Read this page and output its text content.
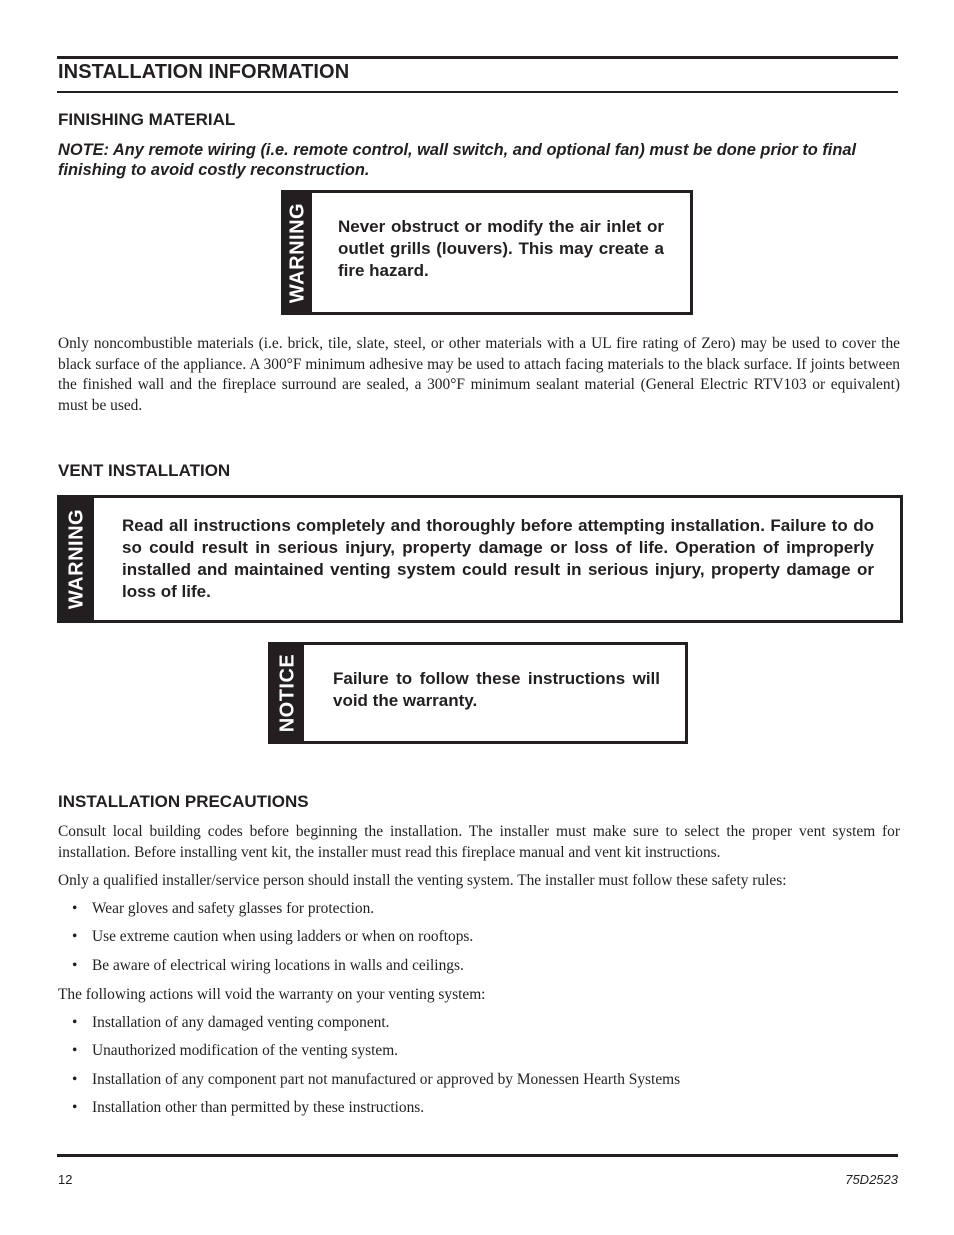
INSTALLATION INFORMATION
FINISHING MATERIAL
NOTE: Any remote wiring (i.e. remote control, wall switch, and optional fan) must be done prior to final finishing to avoid costly reconstruction.
WARNING Never obstruct or modify the air inlet or outlet grills (louvers). This may create a fire hazard.
Only noncombustible materials (i.e. brick, tile, slate, steel, or other materials with a UL fire rating of Zero) may be used to cover the black surface of the appliance. A 300°F minimum adhesive may be used to attach facing materials to the black surface. If joints between the finished wall and the fireplace surround are sealed, a 300°F minimum sealant material (General Electric RTV103 or equivalent) must be used.
VENT INSTALLATION
WARNING Read all instructions completely and thoroughly before attempting installation. Failure to do so could result in serious injury, property damage or loss of life. Operation of improperly installed and maintained venting system could result in serious injury, property damage or loss of life.
NOTICE Failure to follow these instructions will void the warranty.
INSTALLATION PRECAUTIONS
Consult local building codes before beginning the installation. The installer must make sure to select the proper vent system for installation. Before installing vent kit, the installer must read this fireplace manual and vent kit instructions.
Only a qualified installer/service person should install the venting system. The installer must follow these safety rules:
• Wear gloves and safety glasses for protection.
• Use extreme caution when using ladders or when on rooftops.
• Be aware of electrical wiring locations in walls and ceilings.
The following actions will void the warranty on your venting system:
• Installation of any damaged venting component.
• Unauthorized modification of the venting system.
• Installation of any component part not manufactured or approved by Monessen Hearth Systems
• Installation other than permitted by these instructions.
12	75D2523
